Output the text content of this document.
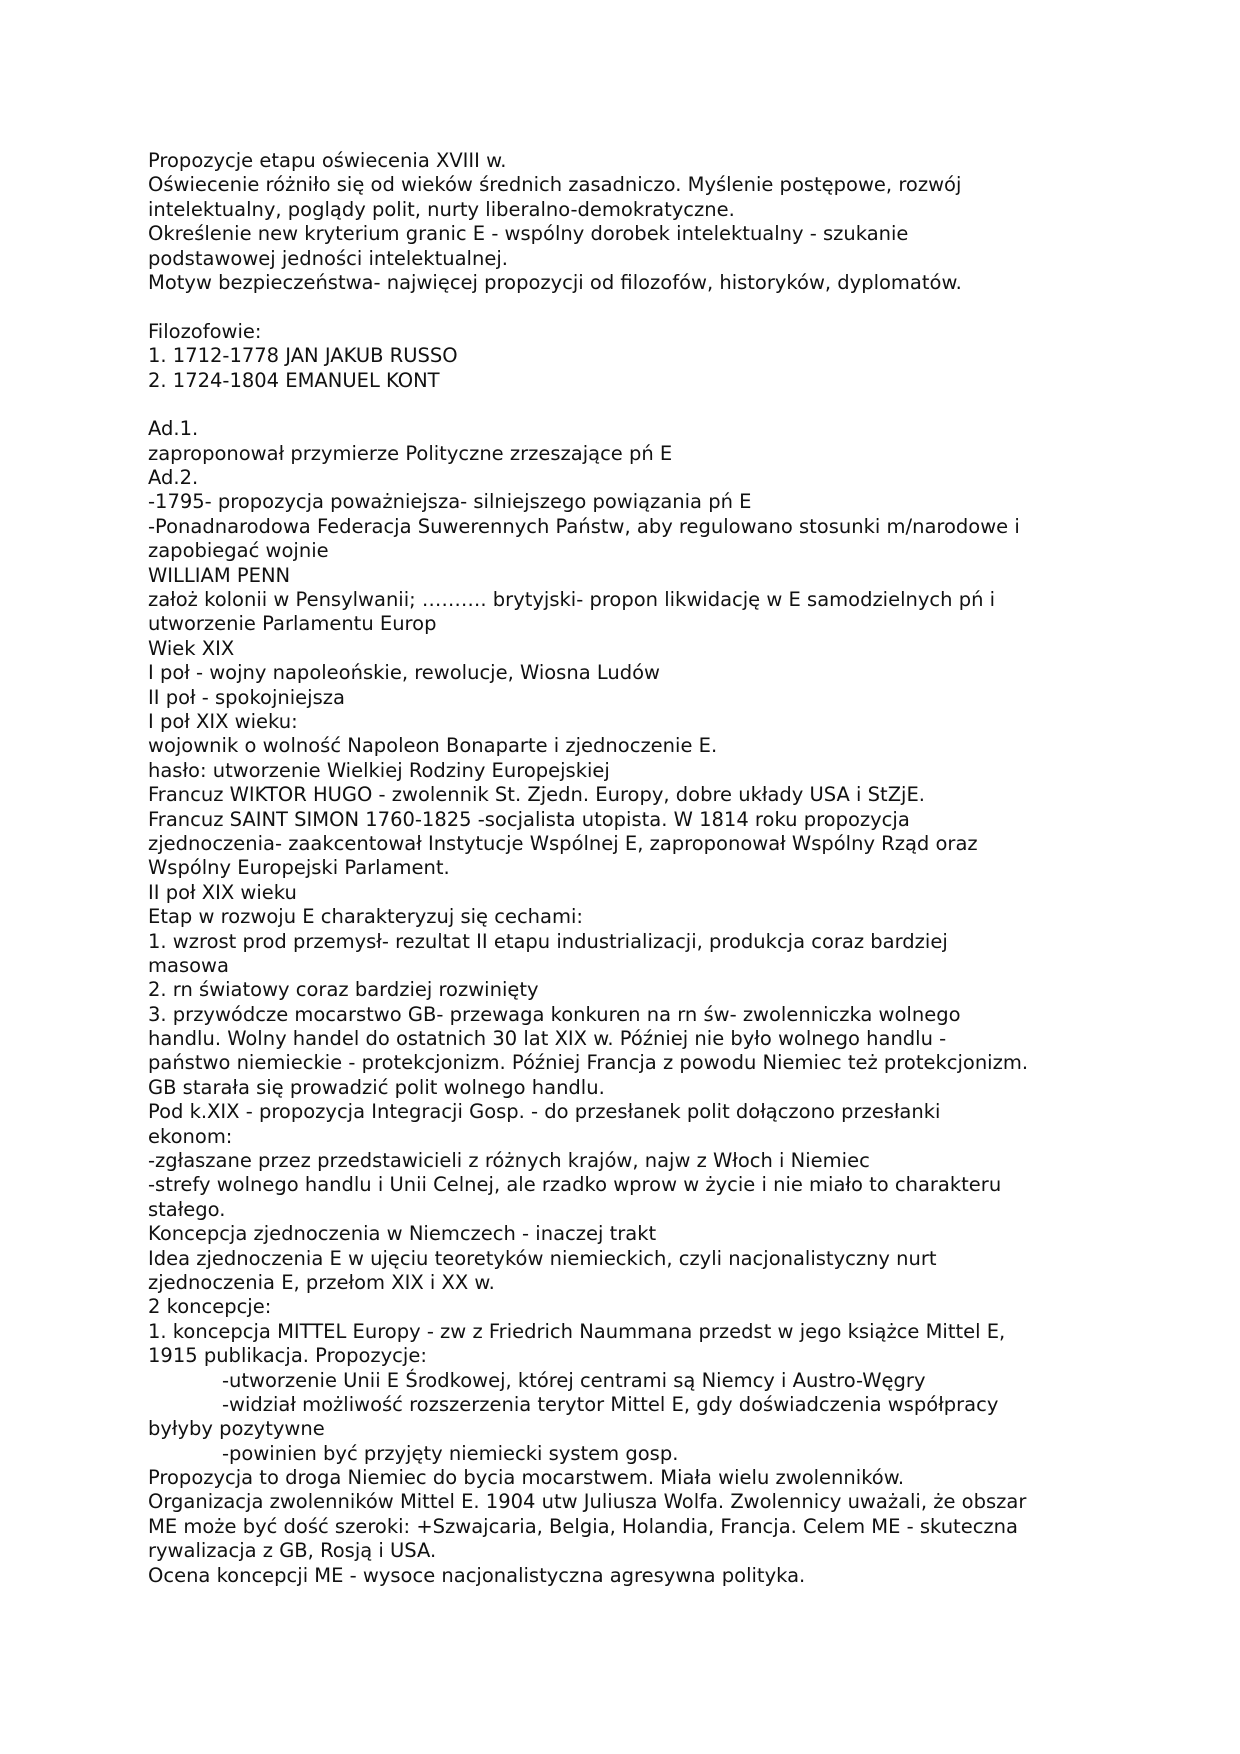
Propozycje etapu oświecenia XVIII w.
Oświecenie różniło się od wieków średnich zasadniczo. Myślenie postępowe, rozwój
intelektualny, poglądy polit, nurty liberalno-demokratyczne.
Określenie new kryterium granic E - wspólny dorobek intelektualny - szukanie
podstawowej jedności intelektualnej.
Motyw bezpieczeństwa- najwięcej propozycji od filozofów, historyków, dyplomatów.
Filozofowie:
1. 1712-1778 JAN JAKUB RUSSO
2. 1724-1804 EMANUEL KONT
Ad.1.
zaproponował przymierze Polityczne zrzeszające pń E
Ad.2.
-1795- propozycja poważniejsza- silniejszego powiązania pń E
-Ponadnarodowa Federacja Suwerennych Państw, aby regulowano stosunki m/narodowe i
zapobiegać wojnie
WILLIAM PENN
założ kolonii w Pensylwanii; ………. brytyjski- propon likwidację w E samodzielnych pń i
utworzenie Parlamentu Europ
Wiek XIX
I poł - wojny napoleońskie, rewolucje, Wiosna Ludów
II poł - spokojniejsza
I poł XIX wieku:
wojownik o wolność Napoleon Bonaparte i zjednoczenie E.
hasło: utworzenie Wielkiej Rodziny Europejskiej
Francuz WIKTOR HUGO - zwolennik St. Zjedn. Europy, dobre układy USA i StZjE.
Francuz SAINT SIMON 1760-1825 -socjalista utopista. W 1814 roku propozycja
zjednoczenia- zaakcentował Instytucje Wspólnej E, zaproponował Wspólny Rząd oraz
Wspólny Europejski Parlament.
II poł XIX wieku
Etap w rozwoju E charakteryzuj się cechami:
1. wzrost prod przemysł- rezultat II etapu industrializacji, produkcja coraz bardziej
masowa
2. rn światowy coraz bardziej rozwinięty
3. przywódcze mocarstwo GB- przewaga konkuren na rn św- zwolenniczka wolnego
handlu. Wolny handel do ostatnich 30 lat XIX w. Później nie było wolnego handlu -
państwo niemieckie - protekcjonizm. Później Francja z powodu Niemiec też protekcjonizm.
GB starała się prowadzić polit wolnego handlu.
Pod k.XIX - propozycja Integracji Gosp. - do przesłanek polit dołączono przesłanki
ekonom:
-zgłaszane przez przedstawicieli z różnych krajów, najw z Włoch i Niemiec
-strefy wolnego handlu i Unii Celnej, ale rzadko wprow w życie i nie miało to charakteru
stałego.
Koncepcja zjednoczenia w Niemczech - inaczej trakt
Idea zjednoczenia E w ujęciu teoretyków niemieckich, czyli nacjonalistyczny nurt
zjednoczenia E, przełom XIX i XX w.
2 koncepcje:
1. koncepcja MITTEL Europy - zw z Friedrich Naummana przedst w jego książce Mittel E,
1915 publikacja. Propozycje:
-utworzenie Unii E Środkowej, której centrami są Niemcy i Austro-Węgry
-widział możliwość rozszerzenia terytor Mittel E, gdy doświadczenia współpracy
byłyby pozytywne
-powinien być przyjęty niemiecki system gosp.
Propozycja to droga Niemiec do bycia mocarstwem. Miała wielu zwolenników.
Organizacja zwolenników Mittel E. 1904 utw Juliusza Wolfa. Zwolennicy uważali, że obszar
ME może być dość szeroki: +Szwajcaria, Belgia, Holandia, Francja. Celem ME - skuteczna
rywalizacja z GB, Rosją i USA.
Ocena koncepcji ME - wysoce nacjonalistyczna agresywna polityka.
